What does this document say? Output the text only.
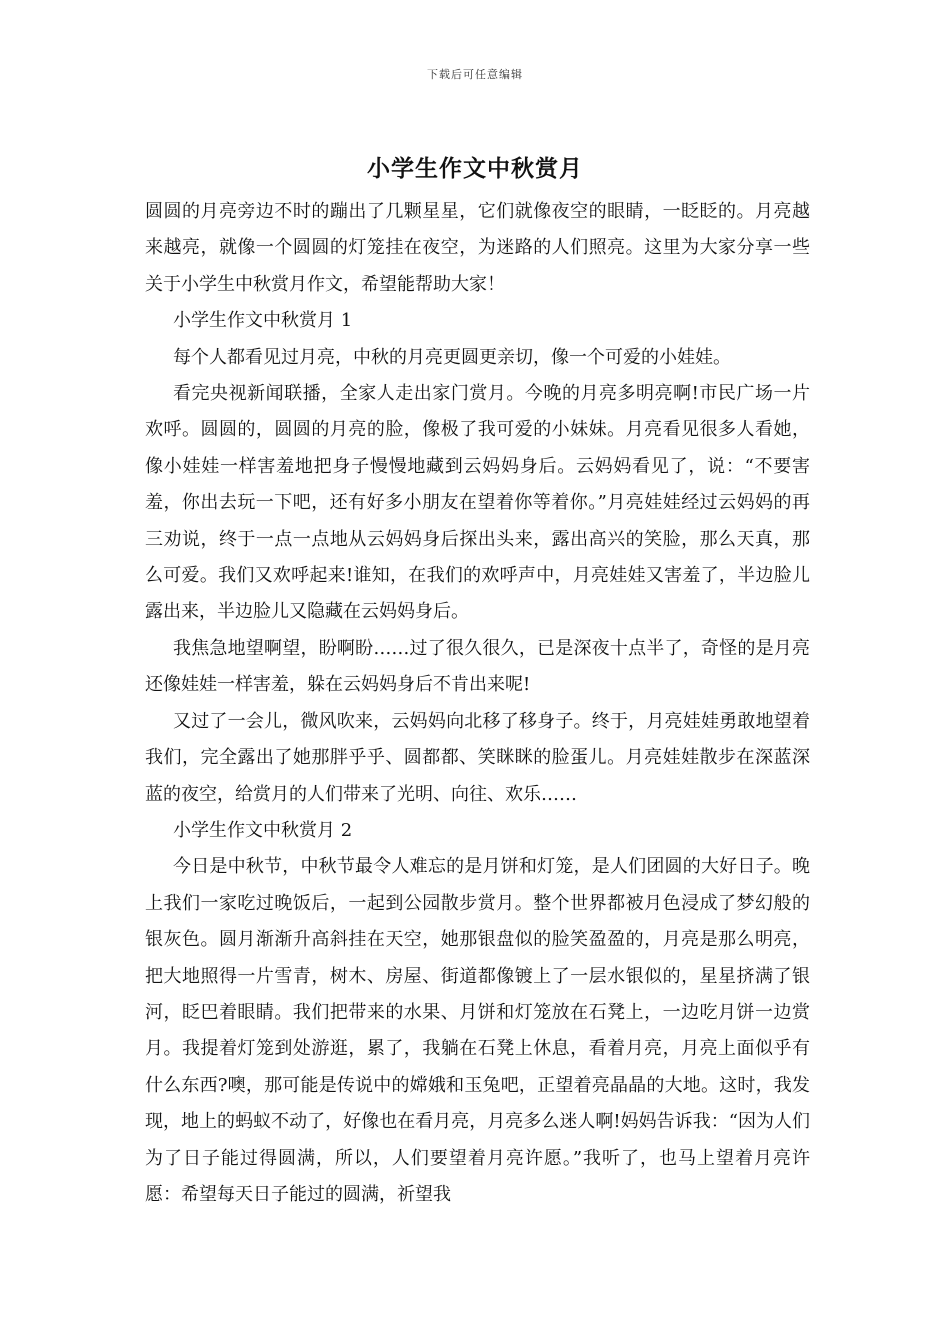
下载后可任意编辑
小学生作文中秋赏月

圆圆的月亮旁边不时的蹦出了几颗星星，它们就像夜空的眼睛，一眨眨的。月亮越来越亮，就像一个圆圆的灯笼挂在夜空，为迷路的人们照亮。这里为大家分享一些关于小学生中秋赏月作文，希望能帮助大家！

小学生作文中秋赏月 1

每个人都看见过月亮，中秋的月亮更圆更亲切，像一个可爱的小娃娃。

看完央视新闻联播，全家人走出家门赏月。今晚的月亮多明亮啊!市民广场一片欢呼。圆圆的，圆圆的月亮的脸，像极了我可爱的小妹妹。月亮看见很多人看她，像小娃娃一样害羞地把身子慢慢地藏到云妈妈身后。云妈妈看见了，说：“不要害羞，你出去玩一下吧，还有好多小朋友在望着你等着你。”月亮娃娃经过云妈妈的再三劝说，终于一点一点地从云妈妈身后探出头来，露出高兴的笑脸，那么天真，那么可爱。我们又欢呼起来!谁知，在我们的欢呼声中，月亮娃娃又害羞了，半边脸儿露出来，半边脸儿又隐藏在云妈妈身后。

我焦急地望啊望，盼啊盼……过了很久很久，已是深夜十点半了，奇怪的是月亮还像娃娃一样害羞，躲在云妈妈身后不肯出来呢!

又过了一会儿，微风吹来，云妈妈向北移了移身子。终于，月亮娃娃勇敢地望着我们，完全露出了她那胖乎乎、圆都都、笑眯眯的脸蛋儿。月亮娃娃散步在深蓝深蓝的夜空，给赏月的人们带来了光明、向往、欢乐……

小学生作文中秋赏月 2

今日是中秋节，中秋节最令人难忘的是月饼和灯笼，是人们团圆的大好日子。晚上我们一家吃过晚饭后，一起到公园散步赏月。整个世界都被月色浸成了梦幻般的银灰色。圆月渐渐升高斜挂在天空，她那银盘似的脸笑盈盈的，月亮是那么明亮，把大地照得一片雪青，树木、房屋、街道都像镀上了一层水银似的，星星挤满了银河，眨巴着眼睛。我们把带来的水果、月饼和灯笼放在石凳上，一边吃月饼一边赏月。我提着灯笼到处游逛，累了，我躺在石凳上休息，看着月亮，月亮上面似乎有什么东西?噢，那可能是传说中的嫦娥和玉兔吧，正望着亮晶晶的大地。这时，我发现，地上的蚂蚁不动了，好像也在看月亮，月亮多么迷人啊!妈妈告诉我：“因为人们为了日子能过得圆满，所以，人们要望着月亮许愿。”我听了，也马上望着月亮许愿：希望每天日子能过的圆满，祈望我
